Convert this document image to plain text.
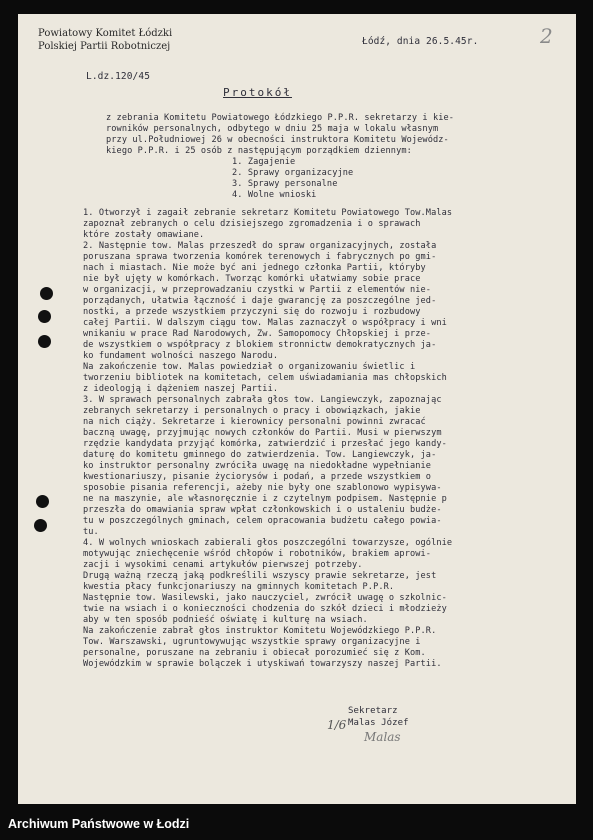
Powiatowy Komitet Łódzki
Polskiej Partii Robotniczej	Łódź, dnia 26.5.45r.	2
L.dz.120/45
Protokół
z zebrania Komitetu Powiatowego Łódzkiego P.P.R. sekretarzy i kie-
rowników personalnych, odbytego w dniu 25 maja w lokalu własnym
przy ul.Południowej 26 w obecności instruktora Komitetu Wojewódz-
kiego P.P.R. i 25 osób z następującym porządkiem dziennym:
1. Zagajenie
2. Sprawy organizacyjne
3. Sprawy personalne
4. Wolne wnioski
1. Otworzył i zagaił zebranie sekretarz Komitetu Powiatowego Tow.Malas
zapoznał zebranych o celu dzisiejszego zgromadzenia i o sprawach
które zostały omawiane.
2. Następnie tow. Malas przeszedł do spraw organizacyjnych, została
poruszana sprawa tworzenia komórek terenowych i fabrycznych po gmi-
nach i miastach. Nie może być ani jednego członka Partii, któryby
nie był ujęty w komórkach. Tworząc komórki ułatwiamy sobie prace
w organizacji, w przeprowadzaniu czystki w Partii z elementów nie-
porządanych, ułatwia łączność i daje gwarancję za poszczególne jed-
nostki, a przede wszystkiem przyczyni się do rozwoju i rozbudowy
całej Partii. W dalszym ciągu tow. Malas zaznaczył o współpracy i wni
wnikaniu w prace Rad Narodowych, Zw. Samopomocy Chłopskiej i prze-
de wszystkiem o współpracy z blokiem stronnictw demokratycznych ja-
ko fundament wolności naszego Narodu.
Na zakończenie tow. Malas powiedział o organizowaniu świetlic i
tworzeniu bibliotek na komitetach, celem uświadamiania mas chłopskich
z ideologją i dążeniem naszej Partii.
3. W sprawach personalnych zabrała głos tow. Langiewczyk, zapoznając
zebranych sekretarzy i personalnych o pracy i obowiązkach, jakie
na nich ciąży. Sekretarze i kierownicy personalni powinni zwracać
baczną uwagę, przyjmując nowych członków do Partii. Musi w pierwszym
rzędzie kandydata przyjąć komórka, zatwierdzić i przesłać jego kandy-
daturę do komitetu gminnego do zatwierdzenia. Tow. Langiewczyk, ja-
ko instruktor personalny zwróciła uwagę na niedokładne wypełnianie
kwestionariuszy, pisanie życiorysów i podań, a przede wszystkiem o
sposobie pisania referencji, ażeby nie były one szablonowo wypisywa-
ne na maszynie, ale własnoręcznie i z czytelnym podpisem. Następnie p
przeszła do omawiania spraw wpłat członkowskich i o ustaleniu budże-
tu w poszczególnych gminach, celem opracowania budżetu całego powia-
tu.
4. W wolnych wnioskach zabierali głos poszczególni towarzysze, ogólnie
motywując zniechęcenie wśród chłopów i robotników, brakiem aprowi-
zacji i wysokimi cenami artykułów pierwszej potrzeby.
Drugą ważną rzeczą jaką podkreślili wszyscy prawie sekretarze, jest
kwestia płacy funkcjonariuszy na gminnych komitetach P.P.R.
Następnie tow. Wasilewski, jako nauczyciel, zwrócił uwagę o szkolnic-
twie na wsiach i o konieczności chodzenia do szkół dzieci i młodzieży
aby w ten sposób podnieść oświatę i kulturę na wsiach.
Na zakończenie zabrał głos instruktor Komitetu Wojewódzkiego P.P.R.
Tow. Warszawski, ugruntowywując wszystkie sprawy organizacyjne i
personalne, poruszane na zebraniu i obiecał porozumieć się z Kom.
Wojewódzkim w sprawie bolączek i utyskiwań towarzyszy naszej Partii.
Sekretarz
Malas Józef
1/6
Malas
Archiwum Państwowe w Łodzi
